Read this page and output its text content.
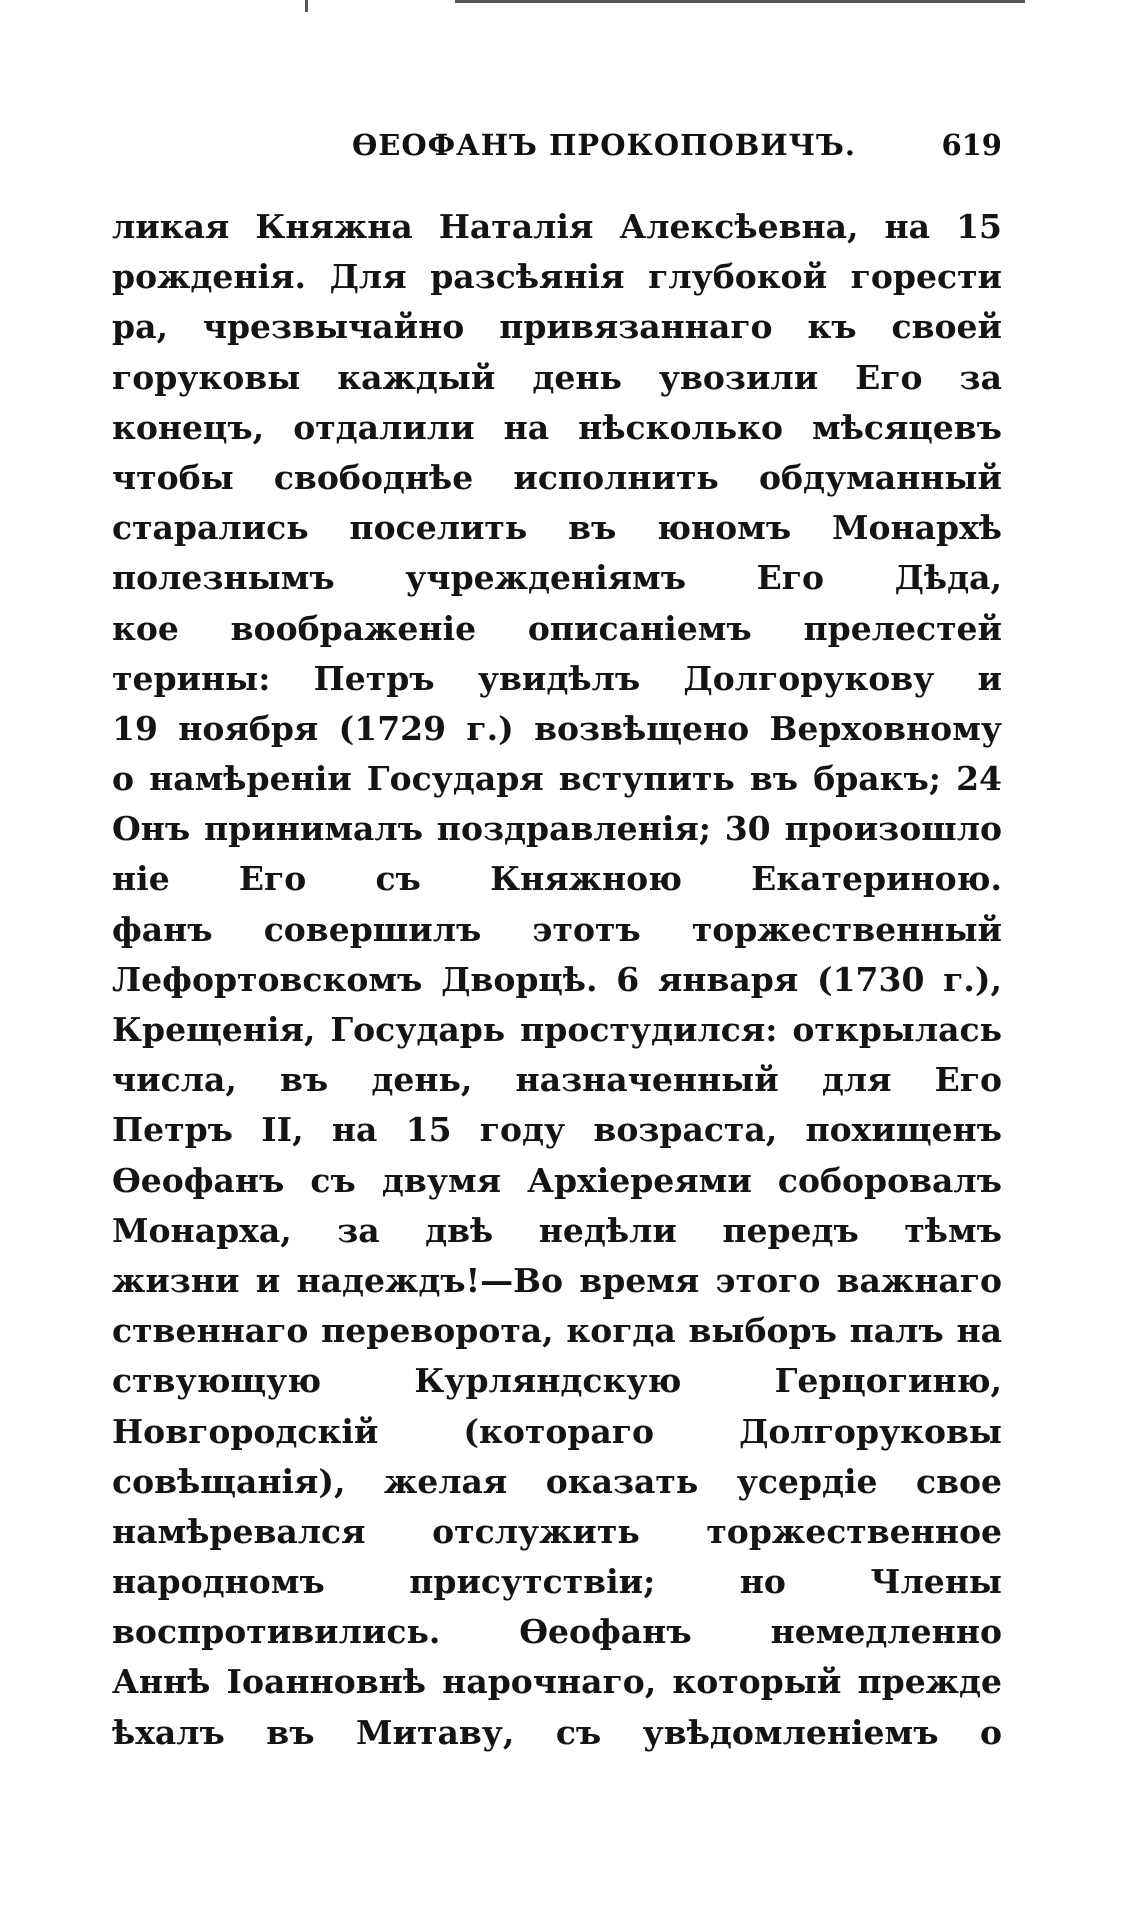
ѲЕОФАНЪ ПРОКОПОВИЧЪ.	619
ликая Княжна Наталія Алексѣевна, на 15
рожденія. Для разсѣянія глубокой горести
ра, чрезвычайно привязаннаго къ своей
горуковы каждый день увозили Его за
конецъ, отдалили на нѣсколько мѣсяцевъ
чтобы свободнѣе исполнить обдуманный
старались поселить въ юномъ Монархѣ
полезнымъ учрежденіямъ Его Дѣда,
кое воображеніе описаніемъ прелестей
терины: Петръ увидѣлъ Долгорукову и
19 ноября (1729 г.) возвѣщено Верховному
о намѣреніи Государя вступить въ бракъ; 24
Онъ принималъ поздравленія; 30 произошло
ніе Его съ Княжною Екатериною.
фанъ совершилъ этотъ торжественный
Лефортовскомъ Дворцѣ. 6 января (1730 г.),
Крещенія, Государь простудился: открылась
числа, въ день, назначенный для Его
Петръ II, на 15 году возраста, похищенъ
Ѳеофанъ съ двумя Архіереями соборовалъ
Монарха, за двѣ недѣли передъ тѣмъ
жизни и надеждъ!—Во время этого важнаго
ственнаго переворота, когда выборъ палъ на
ствующую Курляндскую Герцогиню,
Новгородскій (котораго Долгоруковы
совѣщанія), желая оказать усердіе свое
намѣревался отслужить торжественное
народномъ присутствіи; но Члены
воспротивились. Ѳеофанъ немедленно
Аннѣ Іоанновнѣ нарочнаго, который прежде
ѣхалъ въ Митаву, съ увѣдомленіемъ о
